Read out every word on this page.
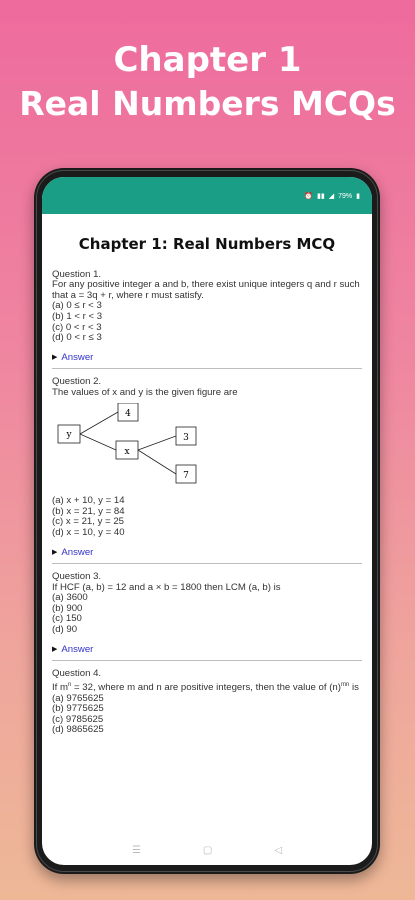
Chapter 1
Real Numbers MCQs
⏰ ▮▮ ◢ 79% ▮
Chapter 1: Real Numbers MCQ

Question 1.

For any positive integer a and b, there exist unique integers q and r such that a = 3q + r, where r must satisfy.

(a) 0 ≤ r < 3

(b) 1 < r < 3

(c) 0 < r < 3

(d) 0 < r ≤ 3

▶ Answer

Question 2.

The values of x and y is the given figure are

y
4
x
3
7

(a) x + 10, y = 14

(b) x = 21, y = 84

(c) x = 21, y = 25

(d) x = 10, y = 40

▶ Answer

Question 3.

If HCF (a, b) = 12 and a × b = 1800 then LCM (a, b) is

(a) 3600

(b) 900

(c) 150

(d) 90

▶ Answer

Question 4.

If $m^n = 32$, where m and n are positive integers, then the value of $(n)^{mn}$ is

(a) 9765625

(b) 9775625

(c) 9785625

(d) 9865625

☰	▢	◁
